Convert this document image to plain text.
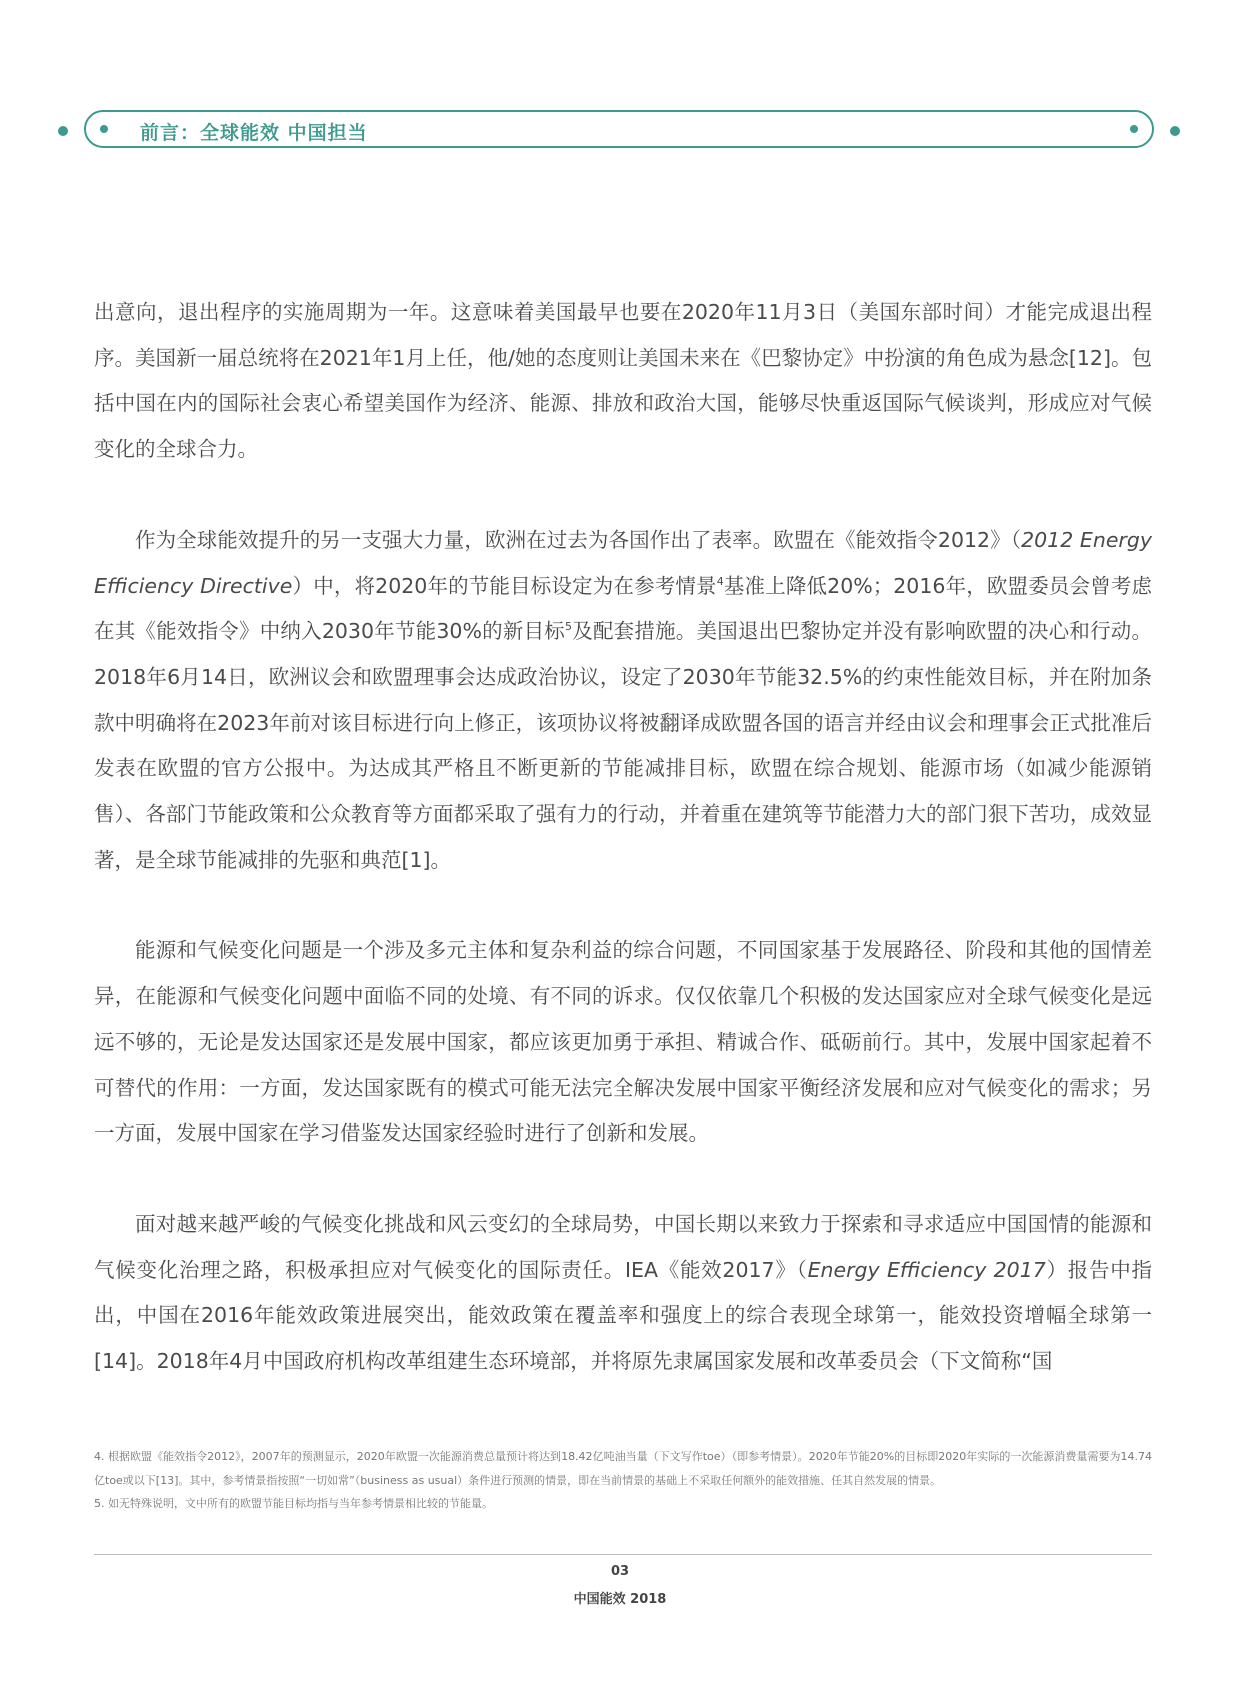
前言：全球能效 中国担当

出意向，退出程序的实施周期为一年。这意味着美国最早也要在2020年11月3日（美国东部时间）才能完成退出程序。美国新一届总统将在2021年1月上任，他/她的态度则让美国未来在《巴黎协定》中扮演的角色成为悬念[12]。包括中国在内的国际社会衷心希望美国作为经济、能源、排放和政治大国，能够尽快重返国际气候谈判，形成应对气候变化的全球合力。

作为全球能效提升的另一支强大力量，欧洲在过去为各国作出了表率。欧盟在《能效指令2012》（2012 Energy Efficiency Directive）中，将2020年的节能目标设定为在参考情景$^4$基准上降低20%；2016年，欧盟委员会曾考虑在其《能效指令》中纳入2030年节能30%的新目标$^5$及配套措施。美国退出巴黎协定并没有影响欧盟的决心和行动。2018年6月14日，欧洲议会和欧盟理事会达成政治协议，设定了2030年节能32.5%的约束性能效目标，并在附加条款中明确将在2023年前对该目标进行向上修正，该项协议将被翻译成欧盟各国的语言并经由议会和理事会正式批准后发表在欧盟的官方公报中。为达成其严格且不断更新的节能减排目标，欧盟在综合规划、能源市场（如减少能源销售）、各部门节能政策和公众教育等方面都采取了强有力的行动，并着重在建筑等节能潜力大的部门狠下苦功，成效显著，是全球节能减排的先驱和典范[1]。

能源和气候变化问题是一个涉及多元主体和复杂利益的综合问题，不同国家基于发展路径、阶段和其他的国情差异，在能源和气候变化问题中面临不同的处境、有不同的诉求。仅仅依靠几个积极的发达国家应对全球气候变化是远远不够的，无论是发达国家还是发展中国家，都应该更加勇于承担、精诚合作、砥砺前行。其中，发展中国家起着不可替代的作用：一方面，发达国家既有的模式可能无法完全解决发展中国家平衡经济发展和应对气候变化的需求；另一方面，发展中国家在学习借鉴发达国家经验时进行了创新和发展。

面对越来越严峻的气候变化挑战和风云变幻的全球局势，中国长期以来致力于探索和寻求适应中国国情的能源和气候变化治理之路，积极承担应对气候变化的国际责任。IEA《能效2017》（Energy Efficiency 2017）报告中指出，中国在2016年能效政策进展突出，能效政策在覆盖率和强度上的综合表现全球第一，能效投资增幅全球第一[14]。2018年4月中国政府机构改革组建生态环境部，并将原先隶属国家发展和改革委员会（下文简称“国

4. 根据欧盟《能效指令2012》，2007年的预测显示，2020年欧盟一次能源消费总量预计将达到18.42亿吨油当量（下文写作toe）（即参考情景）。2020年节能20%的目标即2020年实际的一次能源消费量需要为14.74亿toe或以下[13]。其中，参考情景指按照“一切如常”（business as usual）条件进行预测的情景，即在当前情景的基础上不采取任何额外的能效措施、任其自然发展的情景。

5. 如无特殊说明，文中所有的欧盟节能目标均指与当年参考情景相比较的节能量。

03
中国能效 2018
